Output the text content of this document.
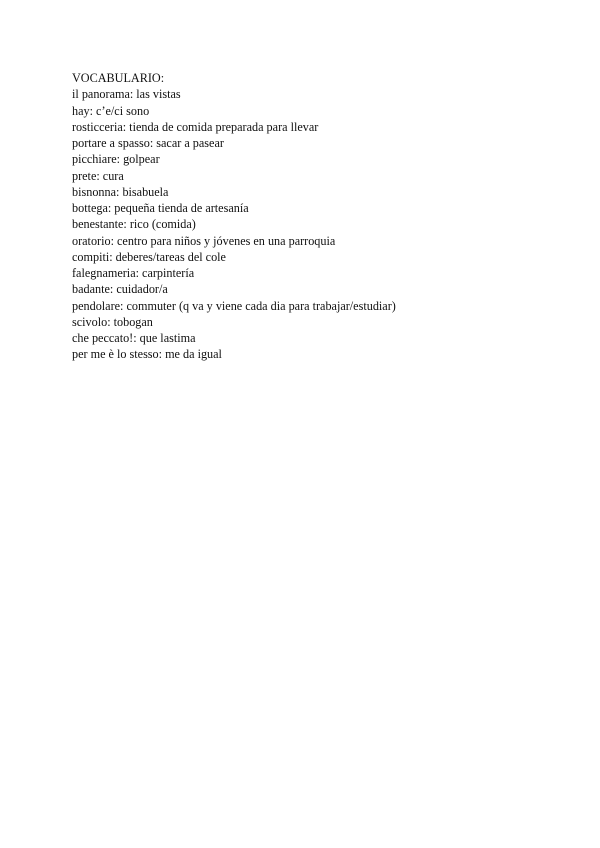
VOCABULARIO:
il panorama: las vistas
hay: c’e/ci sono
rosticceria: tienda de comida preparada para llevar
portare a spasso: sacar a pasear
picchiare: golpear
prete: cura
bisnonna: bisabuela
bottega: pequeña tienda de artesanía
benestante: rico (comida)
oratorio: centro para niños y jóvenes en una parroquia
compiti: deberes/tareas del cole
falegnameria: carpintería
badante: cuidador/a
pendolare: commuter (q va y viene cada dia para trabajar/estudiar)
scivolo: tobogan
che peccato!: que lastima
per me è lo stesso: me da igual
